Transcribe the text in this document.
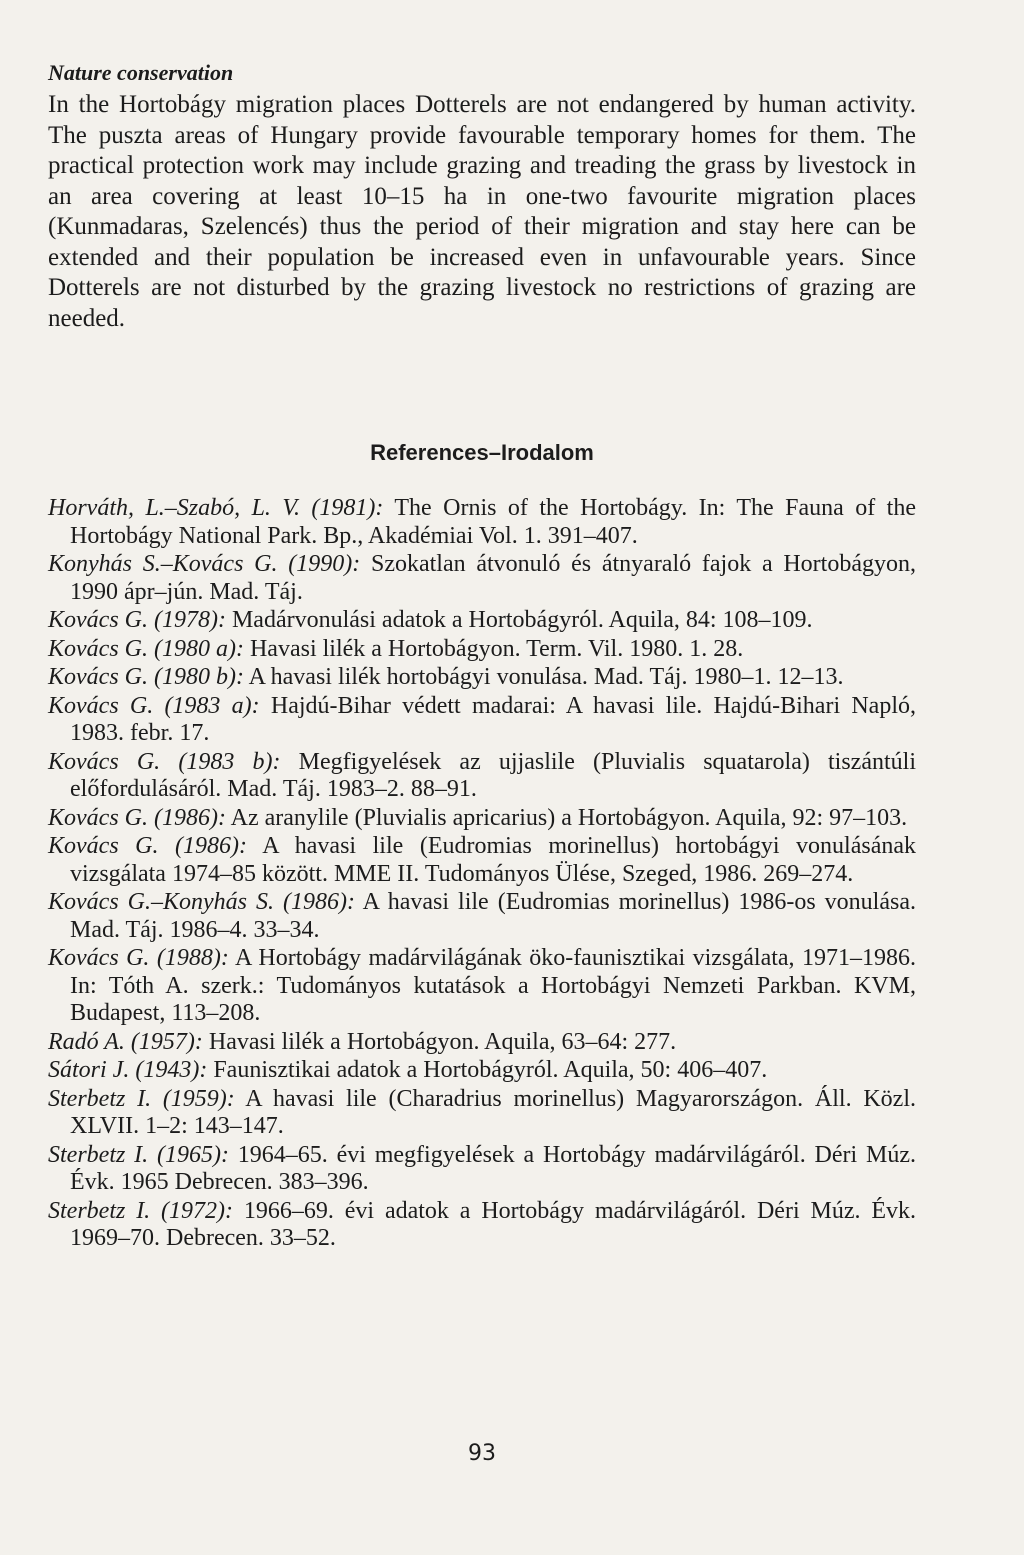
Nature conservation

In the Hortobágy migration places Dotterels are not endangered by human activity. The puszta areas of Hungary provide favourable temporary homes for them. The practical protection work may include grazing and treading the grass by livestock in an area covering at least 10–15 ha in one-two favourite migration places (Kunmadaras, Szelencés) thus the period of their migration and stay here can be extended and their population be increased even in unfavourable years. Since Dotterels are not disturbed by the grazing livestock no restrictions of grazing are needed.

References–Irodalom
Horváth, L.–Szabó, L. V. (1981): The Ornis of the Hortobágy. In: The Fauna of the Hortobágy National Park. Bp., Akadémiai Vol. 1. 391–407.
Konyhás S.–Kovács G. (1990): Szokatlan átvonuló és átnyaraló fajok a Hortobágyon, 1990 ápr–jún. Mad. Táj.
Kovács G. (1978): Madárvonulási adatok a Hortobágyról. Aquila, 84: 108–109.
Kovács G. (1980 a): Havasi lilék a Hortobágyon. Term. Vil. 1980. 1. 28.
Kovács G. (1980 b): A havasi lilék hortobágyi vonulása. Mad. Táj. 1980–1. 12–13.
Kovács G. (1983 a): Hajdú-Bihar védett madarai: A havasi lile. Hajdú-Bihari Napló, 1983. febr. 17.
Kovács G. (1983 b): Megfigyelések az ujjaslile (Pluvialis squatarola) tiszántúli előfordulásáról. Mad. Táj. 1983–2. 88–91.
Kovács G. (1986): Az aranylile (Pluvialis apricarius) a Hortobágyon. Aquila, 92: 97–103.
Kovács G. (1986): A havasi lile (Eudromias morinellus) hortobágyi vonulásának vizsgálata 1974–85 között. MME II. Tudományos Ülése, Szeged, 1986. 269–274.
Kovács G.–Konyhás S. (1986): A havasi lile (Eudromias morinellus) 1986-os vonulása. Mad. Táj. 1986–4. 33–34.
Kovács G. (1988): A Hortobágy madárvilágának öko-faunisztikai vizsgálata, 1971–1986. In: Tóth A. szerk.: Tudományos kutatások a Hortobágyi Nemzeti Parkban. KVM, Budapest, 113–208.
Radó A. (1957): Havasi lilék a Hortobágyon. Aquila, 63–64: 277.
Sátori J. (1943): Faunisztikai adatok a Hortobágyról. Aquila, 50: 406–407.
Sterbetz I. (1959): A havasi lile (Charadrius morinellus) Magyarországon. Áll. Közl. XLVII. 1–2: 143–147.
Sterbetz I. (1965): 1964–65. évi megfigyelések a Hortobágy madárvilágáról. Déri Múz. Évk. 1965 Debrecen. 383–396.
Sterbetz I. (1972): 1966–69. évi adatok a Hortobágy madárvilágáról. Déri Múz. Évk. 1969–70. Debrecen. 33–52.
93
